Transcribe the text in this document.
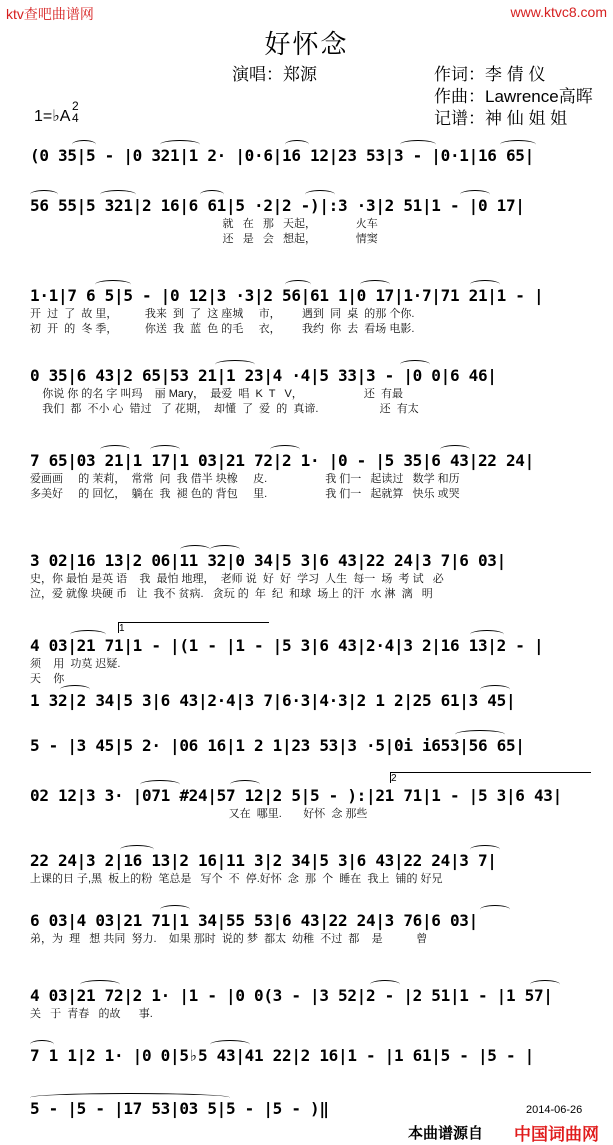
ktv查吧曲谱网	www.ktvc8.com
好怀念
演唱：郑源	作词：李 倩 仪
作曲：Lawrence高晖
记谱：神 仙 姐 姐
1=♭A
2
4
(0 35|5 - |0 321|1 2· |0·6|16 12|23 53|3 - |0·1|16 65|
56 55|5 321|2 16|6 61|5 ·2|2 -)|:3 ·3|2 51|1 - |0 17|
就   在   那   天起，             火车
还   是   会   想起，             情窦
1·1|7 6 5|5 - |0 12|3 ·3|2 56|61 1|0 17|1·7|71 21|1 - |
开  过  了  故 里，         我来  到  了  这 座城     市，       遇到  同  桌  的那 个你.
初  开  的  冬 季，         你送  我  蓝  色 的毛     衣，       我约  你  去  看场 电影.
0 35|6 43|2 65|53 21|1 23|4 ·4|5 33|3 - |0 0|6 46|
你说 你 的名 字 叫玛    丽 Mary，  最爱  唱  K  T   V，                    还  有最
我们  都  不小 心  错过   了 花期，  却懂  了  爱  的  真谛.                    还  有太
7 65|03 21|1 17|1 03|21 72|2 1· |0 - |5 35|6 43|22 24|
爱画画     的 茉莉，  常常  问  我 借半 块橡     皮.                   我 们一   起读过   数学 和历
多美好     的 回忆，  躺在  我  褪 色的 背包     里.                   我 们一   起就算   快乐 或哭
3 02|16 13|2 06|11 32|0 34|5 3|6 43|22 24|3 7|6 03|
史，你 最怕 是英 语    我  最怕 地理，  老师 说  好  好  学习  人生  每一  场  考 试   必
泣，爱 就像 块硬 币   让  我不 贫病.   贪玩 的  年  纪  和球  场上 的汗  水 淋  漓   明
4 03|21 71|1 - |(1 - |1 - |5 3|6 43|2·4|3 2|16 13|2 - |
须    用  功莫 迟疑.
天    你
1 32|2 34|5 3|6 43|2·4|3 7|6·3|4·3|2 1 2|25 61|3 45|
5 - |3 45|5 2· |06 16|1 2 1|23 53|3 ·5|0i i653|56 65|
02 12|3 3· |071 #24|57 12|2 5|5 - ):|21 71|1 - |5 3|6 43|
又在  哪里.       好怀  念 那些
22 24|3 2|16 13|2 16|11 3|2 34|5 3|6 43|22 24|3 7|
上课的日 子,黑  板上的粉  笔总是   写个  不  停.好怀  念  那  个  睡在  我上  铺的 好兄
6 03|4 03|21 71|1 34|55 53|6 43|22 24|3 76|6 03|
弟，为  理   想 共同  努力.    如果 那时  说的 梦  都太  幼稚  不过  都    是           曾
4 03|21 72|2 1· |1 - |0 0(3 - |3 52|2 - |2 51|1 - |1 57|
关   于  青春   的故      事.
7 1 1|2 1· |0 0|5♭5 43|41 22|2 16|1 - |1 61|5 - |5 - |
5 - |5 - |17 53|03 5|5 - |5 - )‖	2014-06-26
本曲谱源自 中国词曲网
1
2
